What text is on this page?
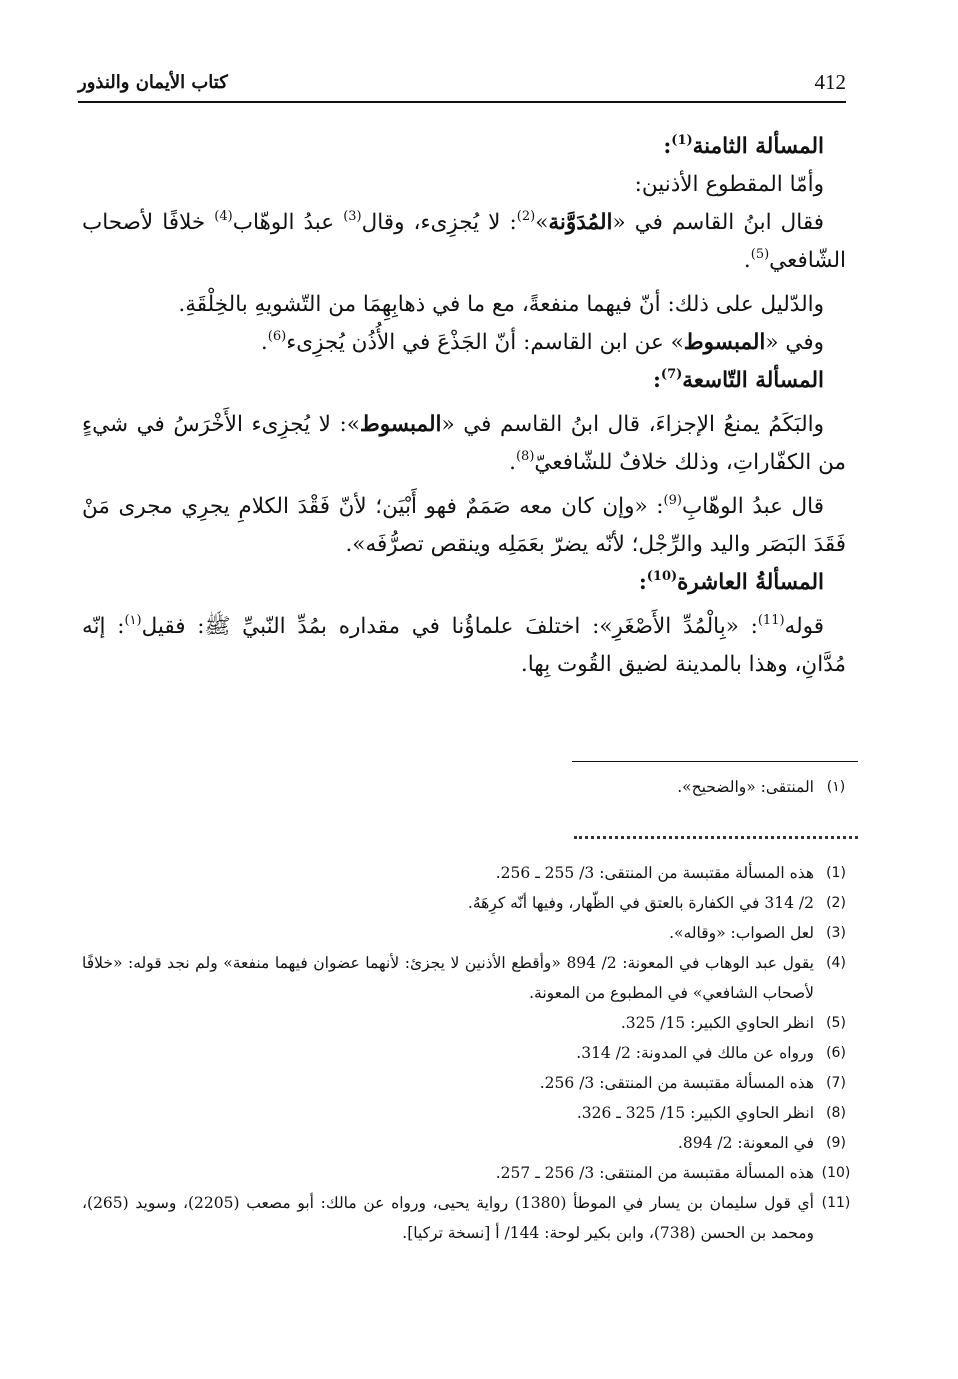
412
كتاب الأيمان والنذور

المسألة الثامنة$^{(1)}$:

وأمّا المقطوع الأذنين:

فقال ابنُ القاسم في «المُدَوَّنة»$^{(2)}$: لا يُجزِىء، وقال$^{(3)}$ عبدُ الوهّاب$^{(4)}$ خلافًا لأصحاب الشّافعي$^{(5)}$.

والدّليل على ذلك: أنّ فيهما منفعةً، مع ما في ذهابِهِمَا من التّشويهِ بالخِلْقَةِ.

وفي «المبسوط» عن ابن القاسم: أنّ الجَذْعَ في الأُذُن يُجزِىء$^{(6)}$.

المسألة التّاسعة$^{(7)}$:

والبَكَمُ يمنعُ الإجزاءَ، قال ابنُ القاسم في «المبسوط»: لا يُجزِىء الأَخْرَسُ في شيءٍ من الكفّاراتِ، وذلك خلافٌ للشّافعيّ$^{(8)}$.

قال عبدُ الوهّابِ$^{(9)}$: «وإن كان معه صَمَمٌ فهو أَبْيَن؛ لأنّ فَقْدَ الكلامِ يجرِي مجرى مَنْ فَقَدَ البَصَر واليد والرِّجْل؛ لأنّه يضرّ بعَمَلِه وينقص تصرُّفَه».

المسألةُ العاشرة$^{(10)}$:

قوله$^{(11)}$: «بِالْمُدِّ الأَصْغَرِ»: اختلفَ علماؤُنا في مقداره بمُدِّ النّبيِّ ﷺ: فقيل$^{(١)}$: إنّه مُدَّانِ، وهذا بالمدينة لضيق القُوت بِها.

(١)
المنتقى: «والضحيح».
(1)
هذه المسألة مقتبسة من المنتقى: 3/ 255 ـ 256.
(2)
2/ 314 في الكفارة بالعتق في الظّهار، وفيها أنّه كرِهَهُ.
(3)
لعل الصواب: «وقاله».
(4)
يقول عبد الوهاب في المعونة: 2/ 894 «وأقطع الأذنين لا يجزئ: لأنهما عضوان فيهما منفعة» ولم نجد قوله: «خلافًا لأصحاب الشافعي» في المطبوع من المعونة.
(5)
انظر الحاوي الكبير: 15/ 325.
(6)
ورواه عن مالك في المدونة: 2/ 314.
(7)
هذه المسألة مقتبسة من المنتقى: 3/ 256.
(8)
انظر الحاوي الكبير: 15/ 325 ـ 326.
(9)
في المعونة: 2/ 894.
(10)
هذه المسألة مقتبسة من المنتقى: 3/ 256 ـ 257.
(11)
أي قول سليمان بن يسار في الموطأ (1380) رواية يحيى، ورواه عن مالك: أبو مصعب (2205)، وسويد (265)، ومحمد بن الحسن (738)، وابن بكير لوحة: 144/ أ [نسخة تركيا].
